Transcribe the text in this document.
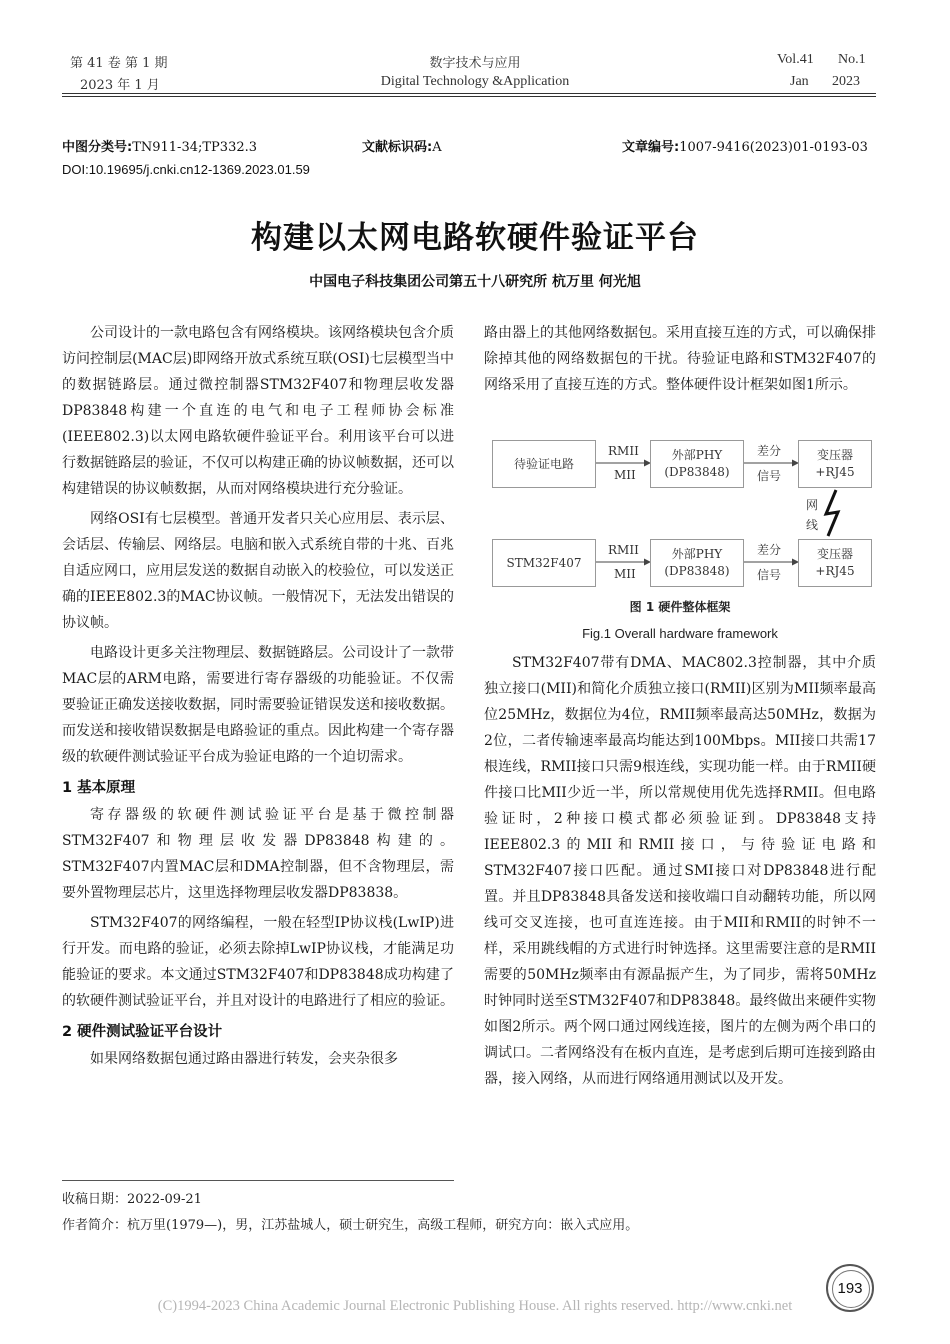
第 41 卷 第 1 期
2023 年 1 月
数字技术与应用
Digital Technology &Application
Vol.41 No.1
Jan 2023
中图分类号:TN911-34;TP332.3	文献标识码:A	文章编号:1007-9416(2023)01-0193-03
DOI:10.19695/j.cnki.cn12-1369.2023.01.59
构建以太网电路软硬件验证平台
中国电子科技集团公司第五十八研究所 杭万里 何光旭

公司设计的一款电路包含有网络模块。该网络模块包含介质访问控制层(MAC层)即网络开放式系统互联(OSI)七层模型当中的数据链路层。通过微控制器STM32F407和物理层收发器DP83848构建一个直连的电气和电子工程师协会标准(IEEE802.3)以太网电路软硬件验证平台。利用该平台可以进行数据链路层的验证，不仅可以构建正确的协议帧数据，还可以构建错误的协议帧数据，从而对网络模块进行充分验证。

网络OSI有七层模型。普通开发者只关心应用层、表示层、会话层、传输层、网络层。电脑和嵌入式系统自带的十兆、百兆自适应网口，应用层发送的数据自动嵌入的校验位，可以发送正确的IEEE802.3的MAC协议帧。一般情况下，无法发出错误的协议帧。

电路设计更多关注物理层、数据链路层。公司设计了一款带MAC层的ARM电路，需要进行寄存器级的功能验证。不仅需要验证正确发送接收数据，同时需要验证错误发送和接收数据。而发送和接收错误数据是电路验证的重点。因此构建一个寄存器级的软硬件测试验证平台成为验证电路的一个迫切需求。

1 基本原理

寄存器级的软硬件测试验证平台是基于微控制器STM32F407和物理层收发器DP83848构建的。STM32F407内置MAC层和DMA控制器，但不含物理层，需要外置物理层芯片，这里选择物理层收发器DP83838。

STM32F407的网络编程，一般在轻型IP协议栈(LwIP)进行开发。而电路的验证，必须去除掉LwIP协议栈，才能满足功能验证的要求。本文通过STM32F407和DP83848成功构建了的软硬件测试验证平台，并且对设计的电路进行了相应的验证。

2 硬件测试验证平台设计

如果网络数据包通过路由器进行转发，会夹杂很多

路由器上的其他网络数据包。采用直接互连的方式，可以确保排除掉其他的网络数据包的干扰。待验证电路和STM32F407的网络采用了直接互连的方式。整体硬件设计框架如图1所示。

待验证电路
外部PHY
(DP83848)
变压器
+RJ45
STM32F407
外部PHY
(DP83848)
变压器
+RJ45
RMII
MII
差分
信号
RMII
MII
差分
信号
网
线
图 1 硬件整体框架
Fig.1 Overall hardware framework

STM32F407带有DMA、MAC802.3控制器，其中介质独立接口(MII)和简化介质独立接口(RMII)区别为MII频率最高位25MHz，数据位为4位，RMII频率最高达50MHz，数据为2位，二者传输速率最高均能达到100Mbps。MII接口共需17根连线，RMII接口只需9根连线，实现功能一样。由于RMII硬件接口比MII少近一半，所以常规使用优先选择RMII。但电路验证时，2种接口模式都必须验证到。DP83848支持IEEE802.3的MII和RMII接口，与待验证电路和STM32F407接口匹配。通过SMI接口对DP83848进行配置。并且DP83848具备发送和接收端口自动翻转功能，所以网线可交叉连接，也可直连连接。由于MII和RMII的时钟不一样，采用跳线帽的方式进行时钟选择。这里需要注意的是RMII需要的50MHz频率由有源晶振产生，为了同步，需将50MHz时钟同时送至STM32F407和DP83848。最终做出来硬件实物如图2所示。两个网口通过网线连接，图片的左侧为两个串口的调试口。二者网络没有在板内直连，是考虑到后期可连接到路由器，接入网络，从而进行网络通用测试以及开发。

收稿日期：2022-09-21
作者简介：杭万里(1979—)，男，江苏盐城人，硕士研究生，高级工程师，研究方向：嵌入式应用。
193
(C)1994-2023 China Academic Journal Electronic Publishing House. All rights reserved. http://www.cnki.net
